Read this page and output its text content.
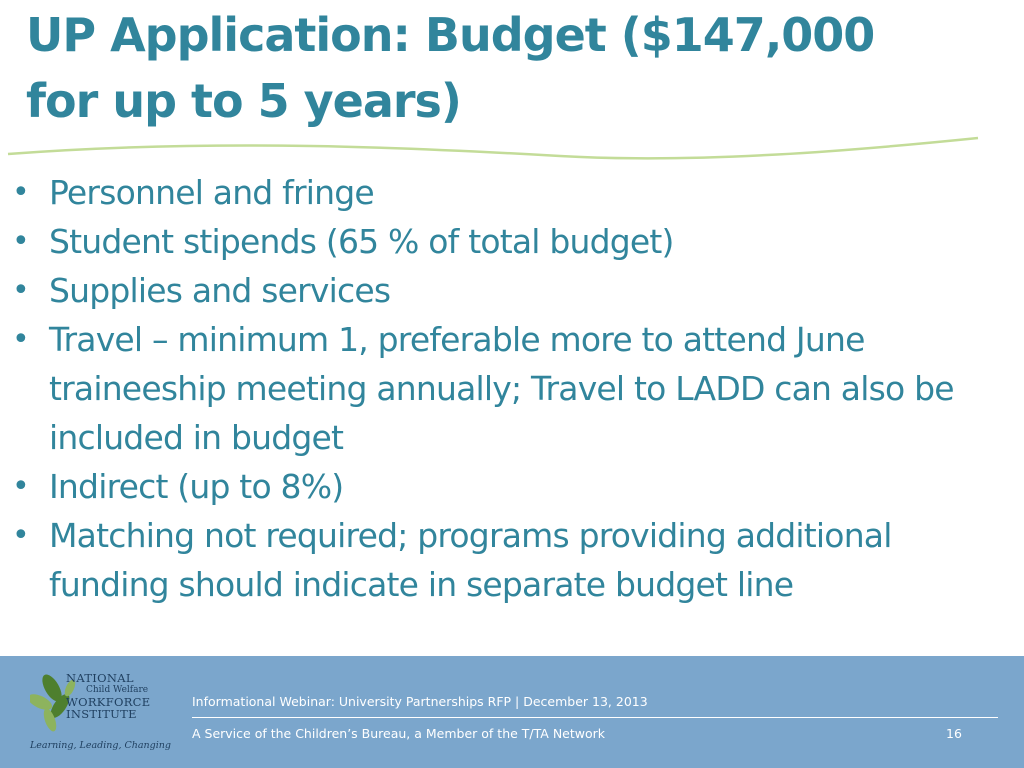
UP Application: Budget ($147,000
for up to 5 years)
• Personnel and fringe
• Student stipends (65 % of total budget)
• Supplies and services
• Travel – minimum 1, preferable more to attend June traineeship meeting annually; Travel to LADD can also be included in budget
• Indirect (up to 8%)
• Matching not required; programs providing additional funding should indicate in separate budget line
NATIONAL
Child Welfare
WORKFORCE
INSTITUTE
Learning, Leading, Changing
Informational Webinar: University Partnerships RFP | December 13, 2013
A Service of the Children’s Bureau, a Member of the T/TA Network	16
